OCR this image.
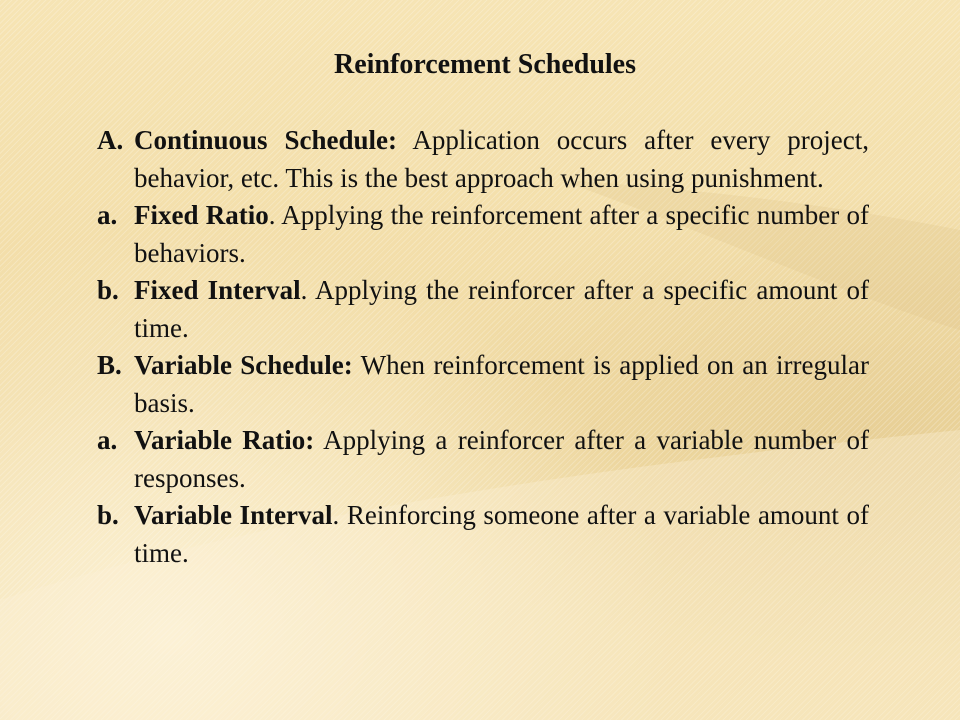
Reinforcement Schedules
A. Continuous Schedule: Application occurs after every project, behavior, etc. This is the best approach when using punishment.
a. Fixed Ratio. Applying the reinforcement after a specific number of behaviors.
b. Fixed Interval. Applying the reinforcer after a specific amount of time.
B. Variable Schedule: When reinforcement is applied on an irregular basis.
a. Variable Ratio: Applying a reinforcer after a variable number of responses.
b. Variable Interval. Reinforcing someone after a variable amount of time.
